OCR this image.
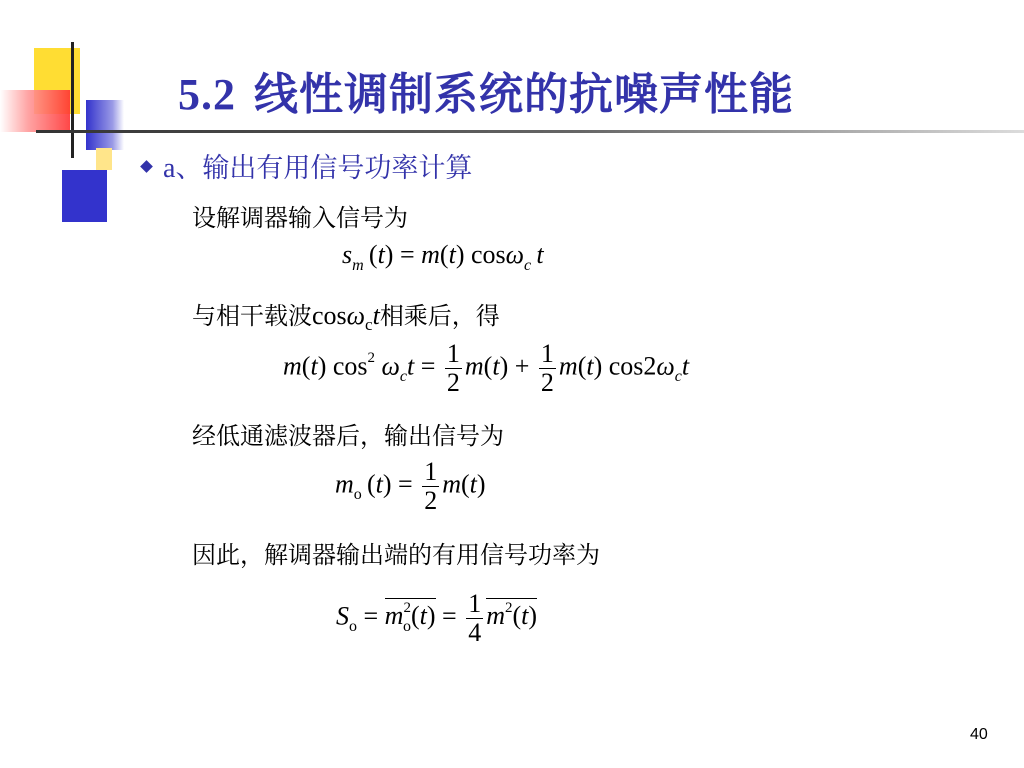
5.2 线性调制系统的抗噪声性能
a、输出有用信号功率计算
设解调器输入信号为
$s_m$ (t) = m(t) cosω$_c$  t
与相干载波cosω$_c$t相乘后，得
m(t) $\cos^2 \omega_ct = \frac{1}{2} m(t) + \frac{1}{2} m(t)$ $\cos 2\omega_ct$
经低通滤波器后，输出信号为
$m_o$ $(t) = \frac{1}{2} m(t)$
因此，解调器输出端的有用信号功率为
$S_o = m^2_o(t) = \frac{1}{4} m^2(t)$
40
